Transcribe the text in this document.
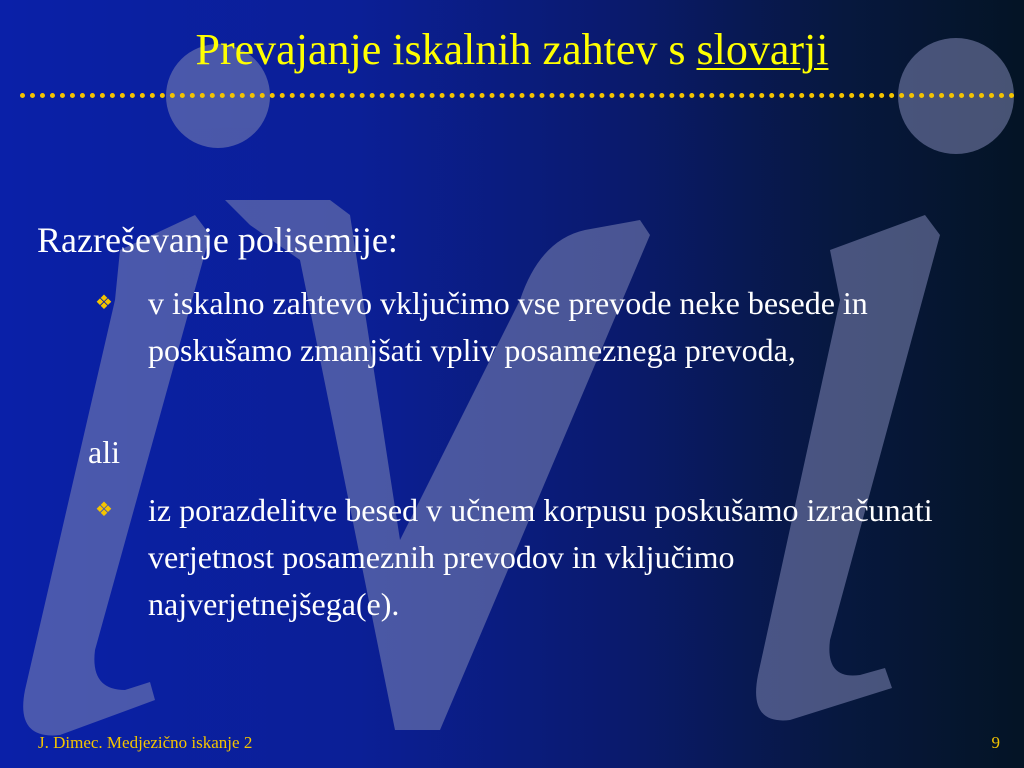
Prevajanje iskalnih zahtev s slovarji
Razreševanje polisemije:
❖ v iskalno zahtevo vključimo vse prevode neke besede in poskušamo zmanjšati vpliv posameznega prevoda,
ali
❖ iz porazdelitve besed v učnem korpusu poskušamo izračunati verjetnost posameznih prevodov in vključimo najverjetnejšega(e).
J. Dimec. Medjezično iskanje 2	9
